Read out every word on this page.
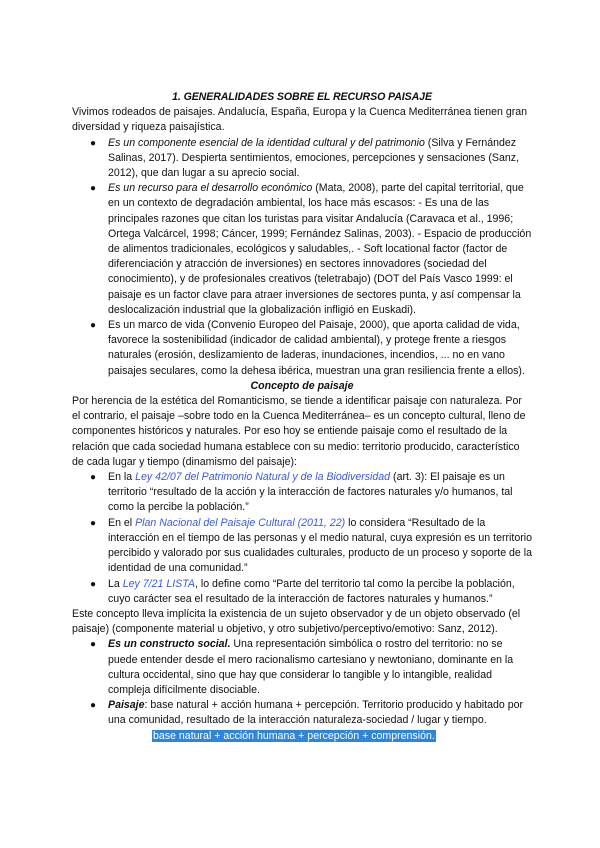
1. GENERALIDADES SOBRE EL RECURSO PAISAJE

Vivimos rodeados de paisajes. Andalucía, España, Europa y la Cuenca Mediterránea tienen gran diversidad y riqueza paisajística.

● Es un componente esencial de la identidad cultural y del patrimonio (Silva y Fernández Salinas, 2017). Despierta sentimientos, emociones, percepciones y sensaciones (Sanz, 2012), que dan lugar a su aprecio social.
● Es un recurso para el desarrollo económico (Mata, 2008), parte del capital territorial, que en un contexto de degradación ambiental, los hace más escasos: - Es una de las principales razones que citan los turistas para visitar Andalucía (Caravaca et al., 1996; Ortega Valcárcel, 1998; Cáncer, 1999; Fernández Salinas, 2003). - Espacio de producción de alimentos tradicionales, ecológicos y saludables,. - Soft locational factor (factor de diferenciación y atracción de inversiones) en sectores innovadores (sociedad del conocimiento), y de profesionales creativos (teletrabajo) (DOT del País Vasco 1999: el paisaje es un factor clave para atraer inversiones de sectores punta, y así compensar la deslocalización industrial que la globalización infligió en Euskadi).
● Es un marco de vida (Convenio Europeo del Paisaje, 2000), que aporta calidad de vida, favorece la sostenibilidad (indicador de calidad ambiental), y protege frente a riesgos naturales (erosión, deslizamiento de laderas, inundaciones, incendios, ... no en vano paisajes seculares, como la dehesa ibérica, muestran una gran resiliencia frente a ellos).
Concepto de paisaje

Por herencia de la estética del Romanticismo, se tiende a identificar paisaje con naturaleza. Por el contrario, el paisaje –sobre todo en la Cuenca Mediterránea– es un concepto cultural, lleno de componentes históricos y naturales. Por eso hoy se entiende paisaje como el resultado de la relación que cada sociedad humana establece con su medio: territorio producido, característico de cada lugar y tiempo (dinamismo del paisaje):

● En la Ley 42/07 del Patrimonio Natural y de la Biodiversidad (art. 3): El paisaje es un territorio “resultado de la acción y la interacción de factores naturales y/o humanos, tal como la percibe la población.”
● En el Plan Nacional del Paisaje Cultural (2011, 22) lo considera “Resultado de la interacción en el tiempo de las personas y el medio natural, cuya expresión es un territorio percibido y valorado por sus cualidades culturales, producto de un proceso y soporte de la identidad de una comunidad.”
● La Ley 7/21 LISTA, lo define como “Parte del territorio tal como la percibe la población, cuyo carácter sea el resultado de la interacción de factores naturales y humanos.”

Este concepto lleva implícita la existencia de un sujeto observador y de un objeto observado (el paisaje) (componente material u objetivo, y otro subjetivo/perceptivo/emotivo: Sanz, 2012).

● Es un constructo social. Una representación simbólica o rostro del territorio: no se puede entender desde el mero racionalismo cartesiano y newtoniano, dominante en la cultura occidental, sino que hay que considerar lo tangible y lo intangible, realidad compleja difícilmente disociable.
● Paisaje: base natural + acción humana + percepción. Territorio producido y habitado por una comunidad, resultado de la interacción naturaleza-sociedad / lugar y tiempo.
base natural + acción humana + percepción + comprensión.
